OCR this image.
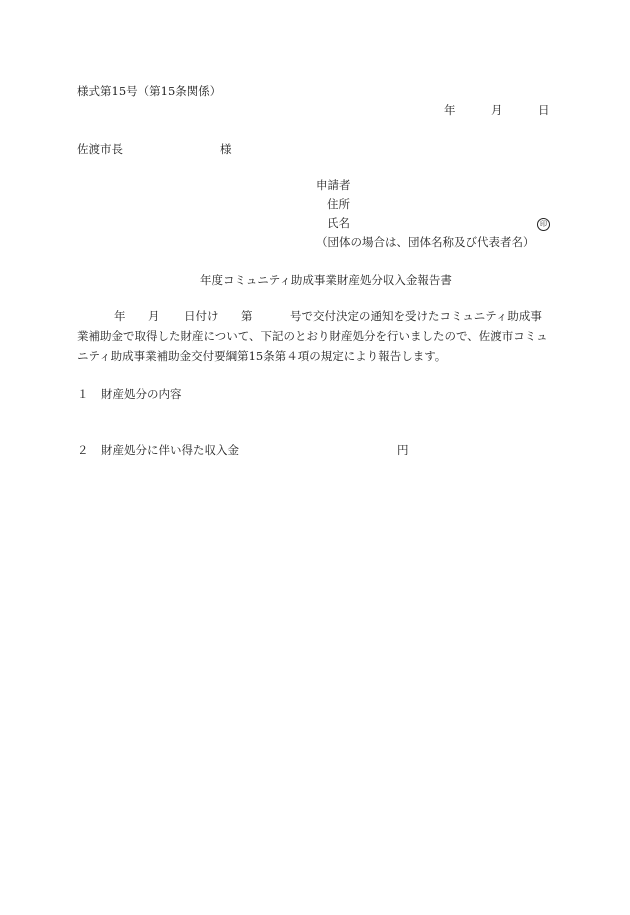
様式第15号（第15条関係）
年	月	日
佐渡市長	様
申請者
住所
氏名	印
（団体の場合は、団体名称及び代表者名）
年度コミュニティ助成事業財産処分収入金報告書
年 月 日付け 第	号で交付決定の通知を受けたコミュニティ助成事
業補助金で取得した財産について、下記のとおり財産処分を行いましたので、佐渡市コミュ
ニティ助成事業補助金交付要綱第15条第４項の規定により報告します。
１ 財産処分の内容
２ 財産処分に伴い得た収入金	円
